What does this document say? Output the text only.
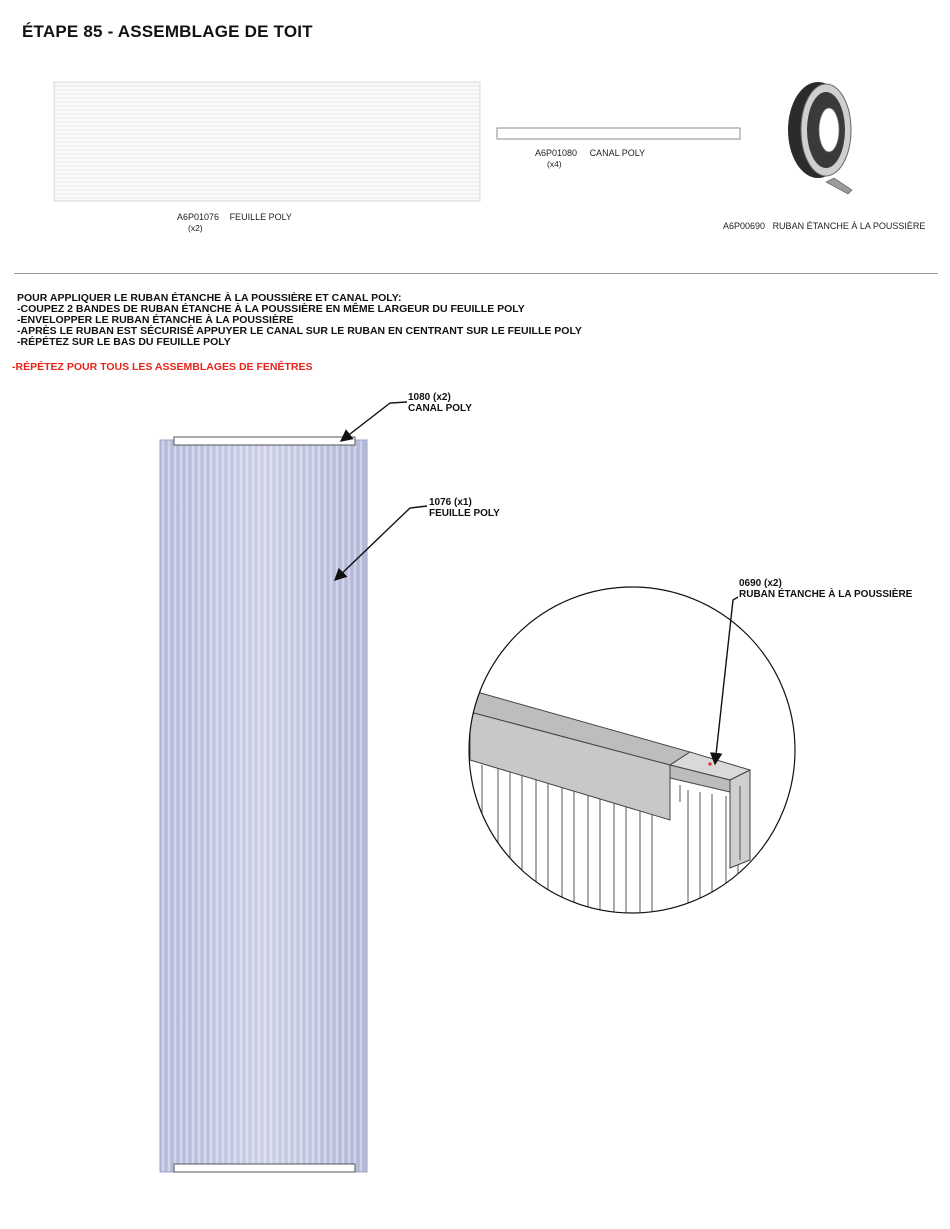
ÉTAPE 85 - ASSEMBLAGE DE TOIT
A6P01076 FEUILLE POLY
(x2)
A6P01080 CANAL POLY
(x4)
A6P00690 RUBAN ÉTANCHE À LA POUSSIÈRE
POUR APPLIQUER LE RUBAN ÉTANCHE À LA POUSSIÈRE ET CANAL POLY:
-COUPEZ 2 BANDES DE RUBAN ÉTANCHE À LA POUSSIÈRE EN MÊME LARGEUR DU FEUILLE POLY
-ENVELOPPER LE RUBAN ÉTANCHE À LA POUSSIÈRE
-APRÈS LE RUBAN EST SÉCURISÉ APPUYER LE CANAL SUR LE RUBAN EN CENTRANT SUR LE FEUILLE POLY
-RÉPÉTEZ SUR LE BAS DU FEUILLE POLY
-RÉPÉTEZ POUR TOUS LES ASSEMBLAGES DE FENÊTRES
1080 (x2)
CANAL POLY
1076 (x1)
FEUILLE POLY
0690 (x2)
RUBAN ÉTANCHE À LA POUSSIÈRE
